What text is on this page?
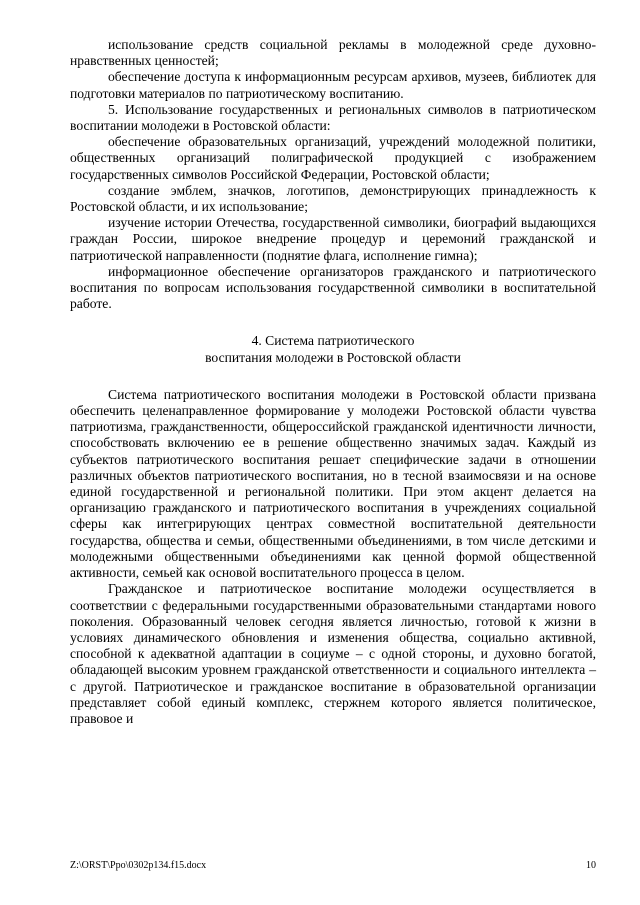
использование средств социальной рекламы в молодежной среде духовно-нравственных ценностей;

обеспечение доступа к информационным ресурсам архивов, музеев, библиотек для подготовки материалов по патриотическому воспитанию.

5. Использование государственных и региональных символов в патриотическом воспитании молодежи в Ростовской области:

обеспечение образовательных организаций, учреждений молодежной политики, общественных организаций полиграфической продукцией с изображением государственных символов Российской Федерации, Ростовской области;

создание эмблем, значков, логотипов, демонстрирующих принадлежность к Ростовской области, и их использование;

изучение истории Отечества, государственной символики, биографий выдающихся граждан России, широкое внедрение процедур и церемоний гражданской и патриотической направленности (поднятие флага, исполнение гимна);

информационное обеспечение организаторов гражданского и патриотического воспитания по вопросам использования государственной символики в воспитательной работе.

4. Система патриотического
воспитания молодежи в Ростовской области

Система патриотического воспитания молодежи в Ростовской области призвана обеспечить целенаправленное формирование у молодежи Ростовской области чувства патриотизма, гражданственности, общероссийской гражданской идентичности личности, способствовать включению ее в решение общественно значимых задач. Каждый из субъектов патриотического воспитания решает специфические задачи в отношении различных объектов патриотического воспитания, но в тесной взаимосвязи и на основе единой государственной и региональной политики. При этом акцент делается на организацию гражданского и патриотического воспитания в учреждениях социальной сферы как интегрирующих центрах совместной воспитательной деятельности государства, общества и семьи, общественными объединениями, в том числе детскими и молодежными общественными объединениями как ценной формой общественной активности, семьей как основой воспитательного процесса в целом.

Гражданское и патриотическое воспитание молодежи осуществляется в соответствии с федеральными государственными образовательными стандартами нового поколения. Образованный человек сегодня является личностью, готовой к жизни в условиях динамического обновления и изменения общества, социально активной, способной к адекватной адаптации в социуме – с одной стороны, и духовно богатой, обладающей высоким уровнем гражданской ответственности и социального интеллекта – с другой. Патриотическое и гражданское воспитание в образовательной организации представляет собой единый комплекс, стержнем которого является политическое, правовое и

Z:\ORST\Ppo\0302p134.f15.docx	10
